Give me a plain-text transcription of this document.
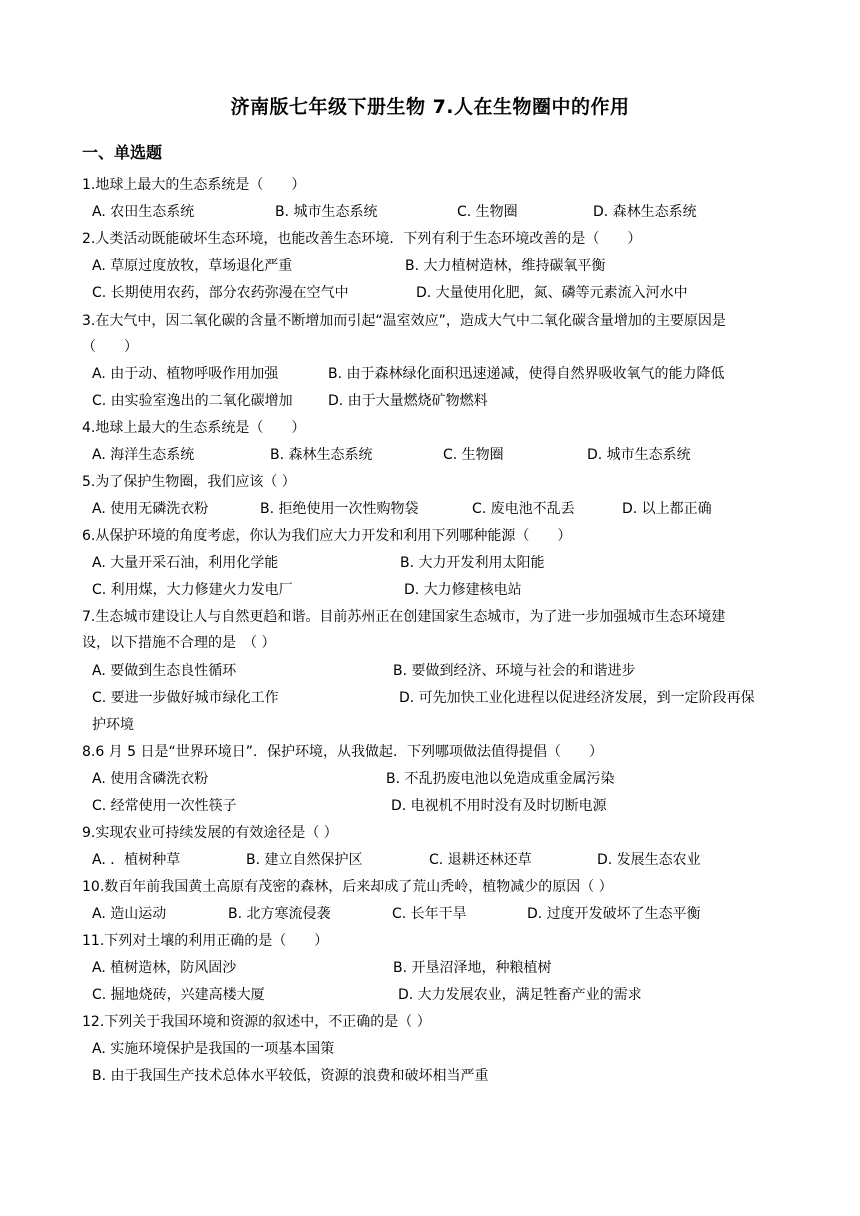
济南版七年级下册生物 7.人在生物圈中的作用
一、单选题
1.地球上最大的生态系统是（　　）
A. 农田生态系统	B. 城市生态系统	C. 生物圈	D. 森林生态系统
2.人类活动既能破坏生态环境，也能改善生态环境．下列有利于生态环境改善的是（　　）
A. 草原过度放牧，草场退化严重	B. 大力植树造林，维持碳氧平衡
C. 长期使用农药，部分农药弥漫在空气中	D. 大量使用化肥，氮、磷等元素流入河水中
3.在大气中，因二氧化碳的含量不断增加而引起“温室效应”，造成大气中二氧化碳含量增加的主要原因是
（　　）
A. 由于动、植物呼吸作用加强	B. 由于森林绿化面积迅速递减，使得自然界吸收氧气的能力降低
C. 由实验室逸出的二氧化碳增加	D. 由于大量燃烧矿物燃料
4.地球上最大的生态系统是（　　）
A. 海洋生态系统	B. 森林生态系统	C. 生物圈	D. 城市生态系统
5.为了保护生物圈，我们应该（ ）
A. 使用无磷洗衣粉	B. 拒绝使用一次性购物袋	C. 废电池不乱丢	D. 以上都正确
6.从保护环境的角度考虑，你认为我们应大力开发和利用下列哪种能源（　　）
A. 大量开采石油，利用化学能	B. 大力开发利用太阳能
C. 利用煤，大力修建火力发电厂	D. 大力修建核电站
7.生态城市建设让人与自然更趋和谐。目前苏州正在创建国家生态城市，为了进一步加强城市生态环境建
设，以下措施不合理的是　（ ）
A. 要做到生态良性循环	B. 要做到经济、环境与社会的和谐进步
C. 要进一步做好城市绿化工作	D. 可先加快工业化进程以促进经济发展，到一定阶段再保
护环境
8.6 月 5 日是“世界环境日”．保护环境，从我做起．下列哪项做法值得提倡（　　）
A. 使用含磷洗衣粉	B. 不乱扔废电池以免造成重金属污染
C. 经常使用一次性筷子	D. 电视机不用时没有及时切断电源
9.实现农业可持续发展的有效途径是（ ）
A. ．植树种草	B. 建立自然保护区	C. 退耕还林还草	D. 发展生态农业
10.数百年前我国黄土高原有茂密的森林，后来却成了荒山秃岭，植物减少的原因（ ）
A. 造山运动	B. 北方寒流侵袭	C. 长年干旱	D. 过度开发破坏了生态平衡
11.下列对土壤的利用正确的是（　　）
A. 植树造林，防风固沙	B. 开垦沼泽地，种粮植树
C. 掘地烧砖，兴建高楼大厦	D. 大力发展农业，满足牲畜产业的需求
12.下列关于我国环境和资源的叙述中，不正确的是（ ）
A. 实施环境保护是我国的一项基本国策
B. 由于我国生产技术总体水平较低，资源的浪费和破坏相当严重
